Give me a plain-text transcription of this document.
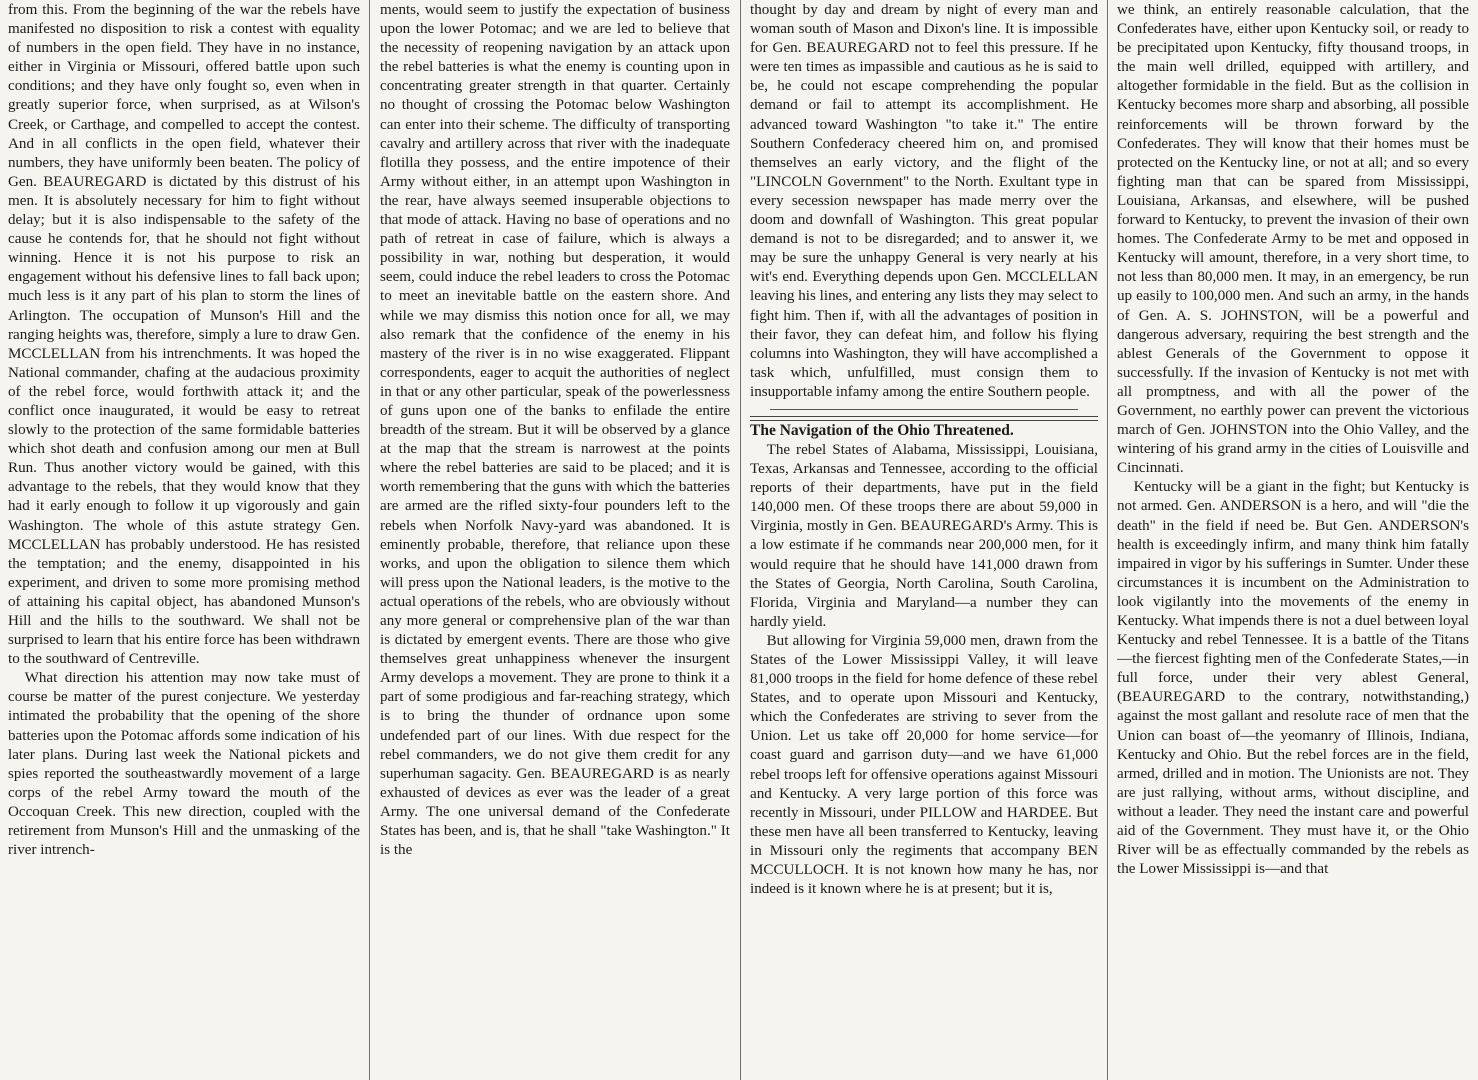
from this. From the beginning of the war the rebels have manifested no disposition to risk a contest with equality of numbers in the open field. They have in no instance, either in Virginia or Missouri, offered battle upon such conditions; and they have only fought so, even when in greatly superior force, when surprised, as at Wilson's Creek, or Carthage, and compelled to accept the contest. And in all conflicts in the open field, whatever their numbers, they have uniformly been beaten. The policy of Gen. BEAUREGARD is dictated by this distrust of his men. It is absolutely necessary for him to fight without delay; but it is also indispensable to the safety of the cause he contends for, that he should not fight without winning. Hence it is not his purpose to risk an engagement without his defensive lines to fall back upon; much less is it any part of his plan to storm the lines of Arlington. The occupation of Munson's Hill and the ranging heights was, therefore, simply a lure to draw Gen. MCCLELLAN from his intrenchments. It was hoped the National commander, chafing at the audacious proximity of the rebel force, would forthwith attack it; and the conflict once inaugurated, it would be easy to retreat slowly to the protection of the same formidable batteries which shot death and confusion among our men at Bull Run. Thus another victory would be gained, with this advantage to the rebels, that they would know that they had it early enough to follow it up vigorously and gain Washington. The whole of this astute strategy Gen. MCCLELLAN has probably understood. He has resisted the temptation; and the enemy, disappointed in his experiment, and driven to some more promising method of attaining his capital object, has abandoned Munson's Hill and the hills to the southward. We shall not be surprised to learn that his entire force has been withdrawn to the southward of Centreville.

What direction his attention may now take must of course be matter of the purest conjecture. We yesterday intimated the probability that the opening of the shore batteries upon the Potomac affords some indication of his later plans. During last week the National pickets and spies reported the southeastwardly movement of a large corps of the rebel Army toward the mouth of the Occoquan Creek. This new direction, coupled with the retirement from Munson's Hill and the unmasking of the river intrench-

ments, would seem to justify the expectation of business upon the lower Potomac; and we are led to believe that the necessity of reopening navigation by an attack upon the rebel batteries is what the enemy is counting upon in concentrating greater strength in that quarter. Certainly no thought of crossing the Potomac below Washington can enter into their scheme. The difficulty of transporting cavalry and artillery across that river with the inadequate flotilla they possess, and the entire impotence of their Army without either, in an attempt upon Washington in the rear, have always seemed insuperable objections to that mode of attack. Having no base of operations and no path of retreat in case of failure, which is always a possibility in war, nothing but desperation, it would seem, could induce the rebel leaders to cross the Potomac to meet an inevitable battle on the eastern shore. And while we may dismiss this notion once for all, we may also remark that the confidence of the enemy in his mastery of the river is in no wise exaggerated. Flippant correspondents, eager to acquit the authorities of neglect in that or any other particular, speak of the powerlessness of guns upon one of the banks to enfilade the entire breadth of the stream. But it will be observed by a glance at the map that the stream is narrowest at the points where the rebel batteries are said to be placed; and it is worth remembering that the guns with which the batteries are armed are the rifled sixty-four pounders left to the rebels when Norfolk Navy-yard was abandoned. It is eminently probable, therefore, that reliance upon these works, and upon the obligation to silence them which will press upon the National leaders, is the motive to the actual operations of the rebels, who are obviously without any more general or comprehensive plan of the war than is dictated by emergent events. There are those who give themselves great unhappiness whenever the insurgent Army develops a movement. They are prone to think it a part of some prodigious and far-reaching strategy, which is to bring the thunder of ordnance upon some undefended part of our lines. With due respect for the rebel commanders, we do not give them credit for any superhuman sagacity. Gen. BEAUREGARD is as nearly exhausted of devices as ever was the leader of a great Army. The one universal demand of the Confederate States has been, and is, that he shall "take Washington." It is the

thought by day and dream by night of every man and woman south of Mason and Dixon's line. It is impossible for Gen. BEAUREGARD not to feel this pressure. If he were ten times as impassible and cautious as he is said to be, he could not escape comprehending the popular demand or fail to attempt its accomplishment. He advanced toward Washington "to take it." The entire Southern Confederacy cheered him on, and promised themselves an early victory, and the flight of the "LINCOLN Government" to the North. Exultant type in every secession newspaper has made merry over the doom and downfall of Washington. This great popular demand is not to be disregarded; and to answer it, we may be sure the unhappy General is very nearly at his wit's end. Everything depends upon Gen. MCCLELLAN leaving his lines, and entering any lists they may select to fight him. Then if, with all the advantages of position in their favor, they can defeat him, and follow his flying columns into Washington, they will have accomplished a task which, unfulfilled, must consign them to insupportable infamy among the entire Southern people.

The Navigation of the Ohio Threatened.

The rebel States of Alabama, Mississippi, Louisiana, Texas, Arkansas and Tennessee, according to the official reports of their departments, have put in the field 140,000 men. Of these troops there are about 59,000 in Virginia, mostly in Gen. BEAUREGARD's Army. This is a low estimate if he commands near 200,000 men, for it would require that he should have 141,000 drawn from the States of Georgia, North Carolina, South Carolina, Florida, Virginia and Maryland—a number they can hardly yield.

But allowing for Virginia 59,000 men, drawn from the States of the Lower Mississippi Valley, it will leave 81,000 troops in the field for home defence of these rebel States, and to operate upon Missouri and Kentucky, which the Confederates are striving to sever from the Union. Let us take off 20,000 for home service—for coast guard and garrison duty—and we have 61,000 rebel troops left for offensive operations against Missouri and Kentucky. A very large portion of this force was recently in Missouri, under PILLOW and HARDEE. But these men have all been transferred to Kentucky, leaving in Missouri only the regiments that accompany BEN MCCULLOCH. It is not known how many he has, nor indeed is it known where he is at present; but it is,

we think, an entirely reasonable calculation, that the Confederates have, either upon Kentucky soil, or ready to be precipitated upon Kentucky, fifty thousand troops, in the main well drilled, equipped with artillery, and altogether formidable in the field. But as the collision in Kentucky becomes more sharp and absorbing, all possible reinforcements will be thrown forward by the Confederates. They will know that their homes must be protected on the Kentucky line, or not at all; and so every fighting man that can be spared from Mississippi, Louisiana, Arkansas, and elsewhere, will be pushed forward to Kentucky, to prevent the invasion of their own homes. The Confederate Army to be met and opposed in Kentucky will amount, therefore, in a very short time, to not less than 80,000 men. It may, in an emergency, be run up easily to 100,000 men. And such an army, in the hands of Gen. A. S. JOHNSTON, will be a powerful and dangerous adversary, requiring the best strength and the ablest Generals of the Government to oppose it successfully. If the invasion of Kentucky is not met with all promptness, and with all the power of the Government, no earthly power can prevent the victorious march of Gen. JOHNSTON into the Ohio Valley, and the wintering of his grand army in the cities of Louisville and Cincinnati.

Kentucky will be a giant in the fight; but Kentucky is not armed. Gen. ANDERSON is a hero, and will "die the death" in the field if need be. But Gen. ANDERSON's health is exceedingly infirm, and many think him fatally impaired in vigor by his sufferings in Sumter. Under these circumstances it is incumbent on the Administration to look vigilantly into the movements of the enemy in Kentucky. What impends there is not a duel between loyal Kentucky and rebel Tennessee. It is a battle of the Titans—the fiercest fighting men of the Confederate States,—in full force, under their very ablest General, (BEAUREGARD to the contrary, notwithstanding,) against the most gallant and resolute race of men that the Union can boast of—the yeomanry of Illinois, Indiana, Kentucky and Ohio. But the rebel forces are in the field, armed, drilled and in motion. The Unionists are not. They are just rallying, without arms, without discipline, and without a leader. They need the instant care and powerful aid of the Government. They must have it, or the Ohio River will be as effectually commanded by the rebels as the Lower Mississippi is—and that
